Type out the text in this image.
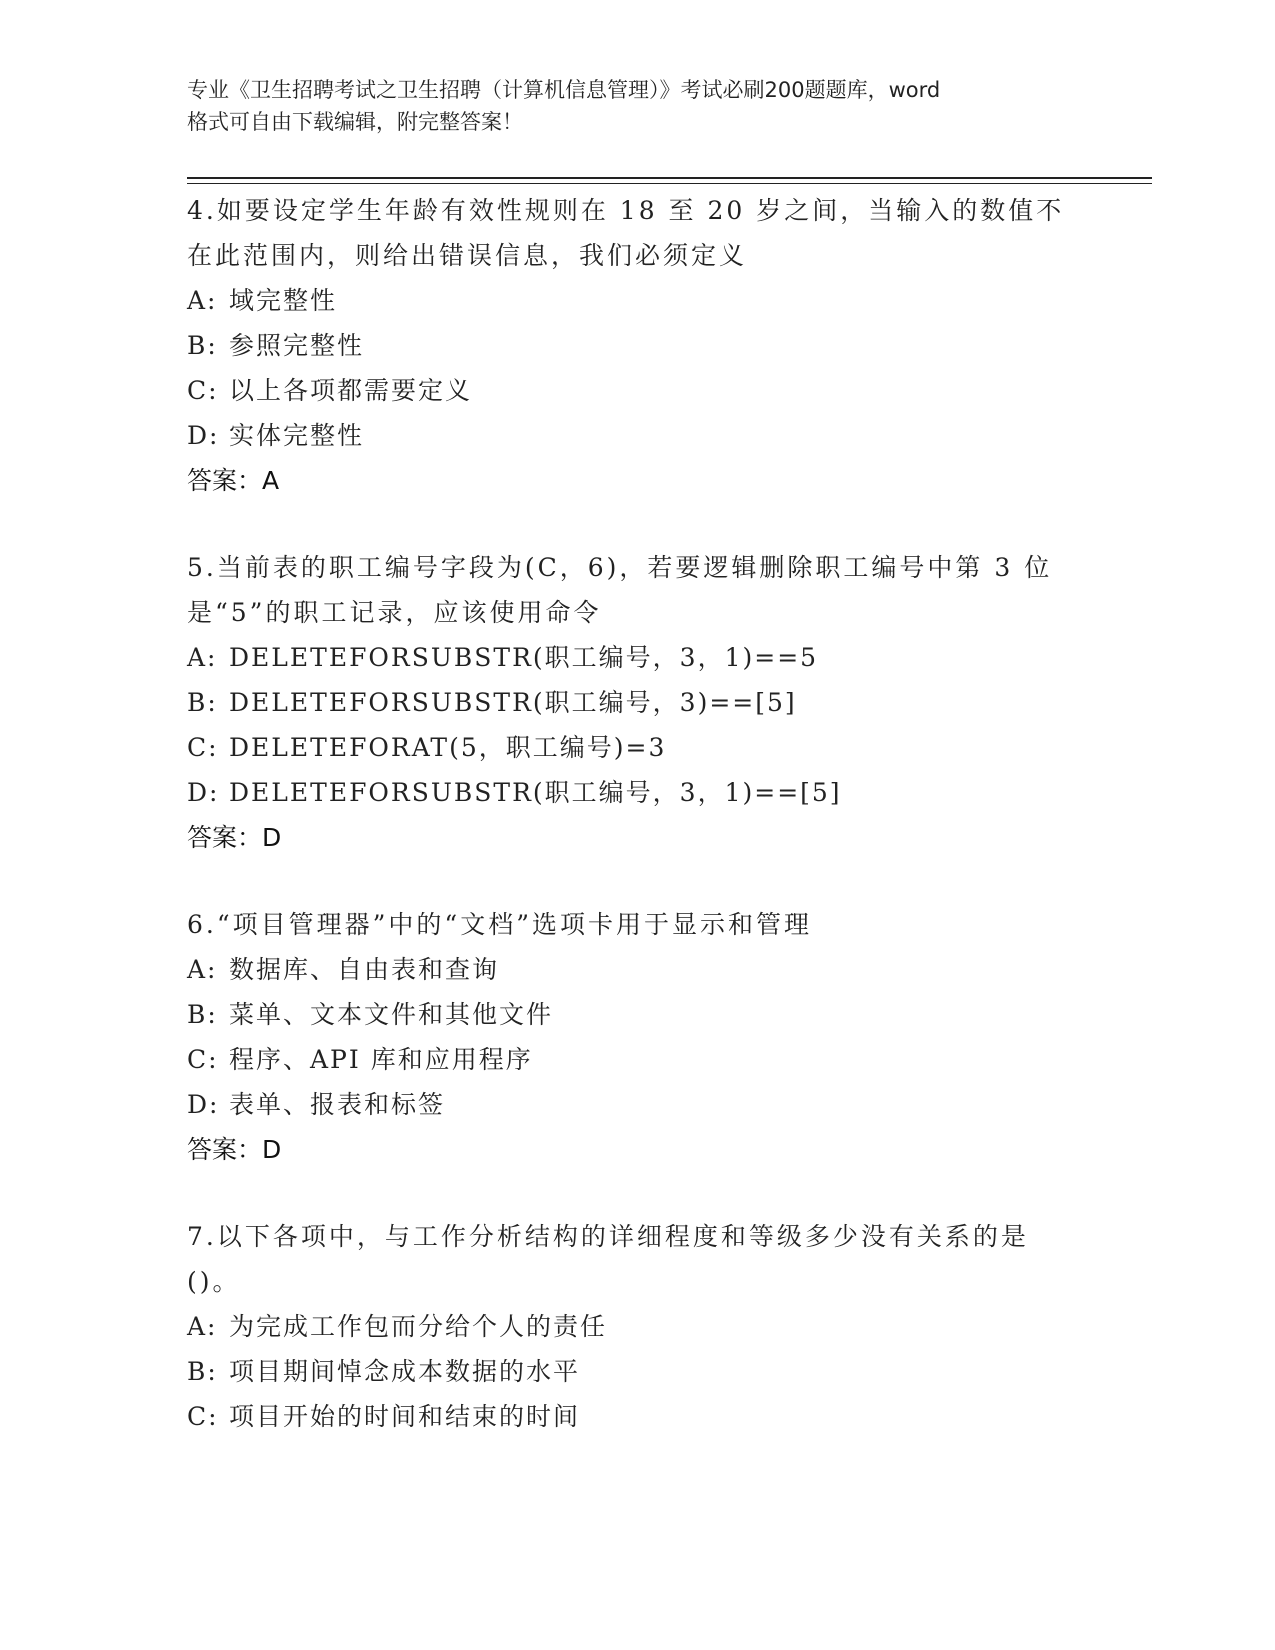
专业《卫生招聘考试之卫生招聘（计算机信息管理）》考试必刷200题题库，word
格式可自由下载编辑，附完整答案！
4.如要设定学生年龄有效性规则在 18 至 20 岁之间，当输入的数值不在此范围内，则给出错误信息，我们必须定义
A: 域完整性
B: 参照完整性
C: 以上各项都需要定义
D: 实体完整性
答案：A
5.当前表的职工编号字段为(C，6)，若要逻辑删除职工编号中第 3 位是“5”的职工记录，应该使用命令
A: DELETEFORSUBSTR(职工编号，3，1)==5
B: DELETEFORSUBSTR(职工编号，3)==[5]
C: DELETEFORAT(5，职工编号)=3
D: DELETEFORSUBSTR(职工编号，3，1)==[5]
答案：D
6.“项目管理器”中的“文档”选项卡用于显示和管理
A: 数据库、自由表和查询
B: 菜单、文本文件和其他文件
C: 程序、API 库和应用程序
D: 表单、报表和标签
答案：D
7.以下各项中，与工作分析结构的详细程度和等级多少没有关系的是()。
A: 为完成工作包而分给个人的责任
B: 项目期间悼念成本数据的水平
C: 项目开始的时间和结束的时间
